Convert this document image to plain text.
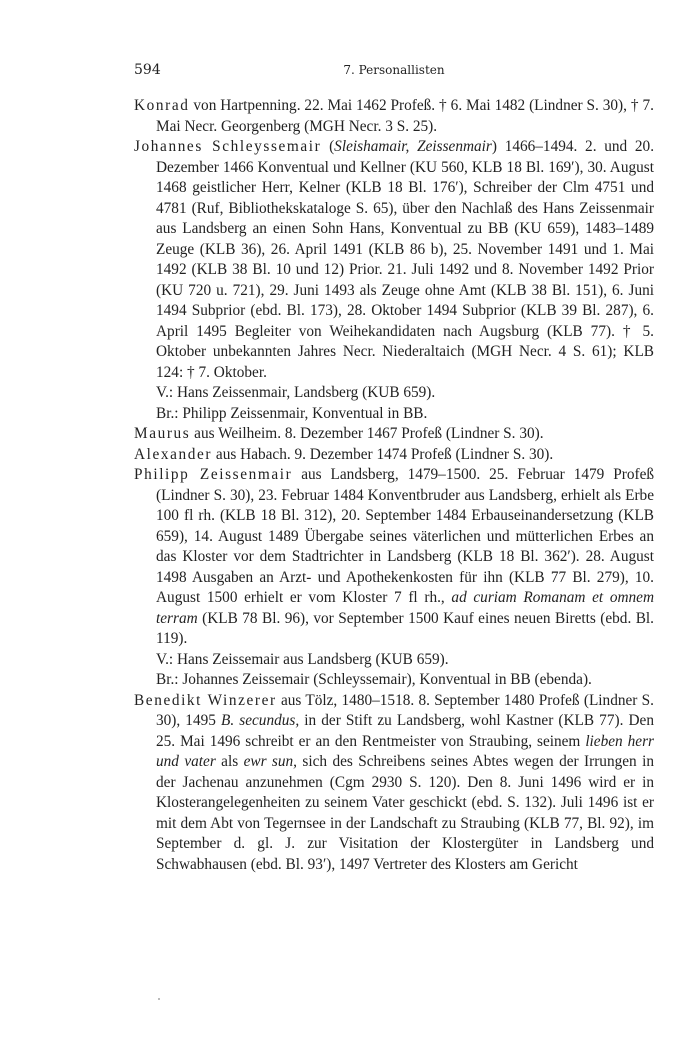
594	7. Personallisten

Konrad von Hartpenning. 22. Mai 1462 Profeß. † 6. Mai 1482 (Lindner S. 30), † 7. Mai Necr. Georgenberg (MGH Necr. 3 S. 25).

Johannes Schleyssemair (Sleishamair, Zeissenmair) 1466–1494. 2. und 20. Dezember 1466 Konventual und Kellner (KU 560, KLB 18 Bl. 169′), 30. August 1468 geistlicher Herr, Kelner (KLB 18 Bl. 176′), Schreiber der Clm 4751 und 4781 (Ruf, Bibliothekskataloge S. 65), über den Nachlaß des Hans Zeissenmair aus Landsberg an einen Sohn Hans, Konventual zu BB (KU 659), 1483–1489 Zeuge (KLB 36), 26. April 1491 (KLB 86 b), 25. November 1491 und 1. Mai 1492 (KLB 38 Bl. 10 und 12) Prior. 21. Juli 1492 und 8. November 1492 Prior (KU 720 u. 721), 29. Juni 1493 als Zeuge ohne Amt (KLB 38 Bl. 151), 6. Juni 1494 Subprior (ebd. Bl. 173), 28. Oktober 1494 Subprior (KLB 39 Bl. 287), 6. April 1495 Begleiter von Weihekandidaten nach Augsburg (KLB 77). † 5. Oktober unbekannten Jahres Necr. Niederaltaich (MGH Necr. 4 S. 61); KLB 124: † 7. Oktober.

V.: Hans Zeissenmair, Landsberg (KUB 659).

Br.: Philipp Zeissenmair, Konventual in BB.

Maurus aus Weilheim. 8. Dezember 1467 Profeß (Lindner S. 30).

Alexander aus Habach. 9. Dezember 1474 Profeß (Lindner S. 30).

Philipp Zeissenmair aus Landsberg, 1479–1500. 25. Februar 1479 Profeß (Lindner S. 30), 23. Februar 1484 Konventbruder aus Landsberg, erhielt als Erbe 100 fl rh. (KLB 18 Bl. 312), 20. September 1484 Erbauseinandersetzung (KLB 659), 14. August 1489 Übergabe seines väterlichen und mütterlichen Erbes an das Kloster vor dem Stadtrichter in Landsberg (KLB 18 Bl. 362′). 28. August 1498 Ausgaben an Arzt- und Apothekenkosten für ihn (KLB 77 Bl. 279), 10. August 1500 erhielt er vom Kloster 7 fl rh., ad curiam Romanam et omnem terram (KLB 78 Bl. 96), vor September 1500 Kauf eines neuen Biretts (ebd. Bl. 119).

V.: Hans Zeissemair aus Landsberg (KUB 659).

Br.: Johannes Zeissemair (Schleyssemair), Konventual in BB (ebenda).

Benedikt Winzerer aus Tölz, 1480–1518. 8. September 1480 Profeß (Lindner S. 30), 1495 B. secundus, in der Stift zu Landsberg, wohl Kastner (KLB 77). Den 25. Mai 1496 schreibt er an den Rentmeister von Straubing, seinem lieben herr und vater als ewr sun, sich des Schreibens seines Abtes wegen der Irrungen in der Jachenau anzunehmen (Cgm 2930 S. 120). Den 8. Juni 1496 wird er in Klosterangelegenheiten zu seinem Vater geschickt (ebd. S. 132). Juli 1496 ist er mit dem Abt von Tegernsee in der Landschaft zu Straubing (KLB 77, Bl. 92), im September d. gl. J. zur Visitation der Klostergüter in Landsberg und Schwabhausen (ebd. Bl. 93′), 1497 Vertreter des Klosters am Gericht
